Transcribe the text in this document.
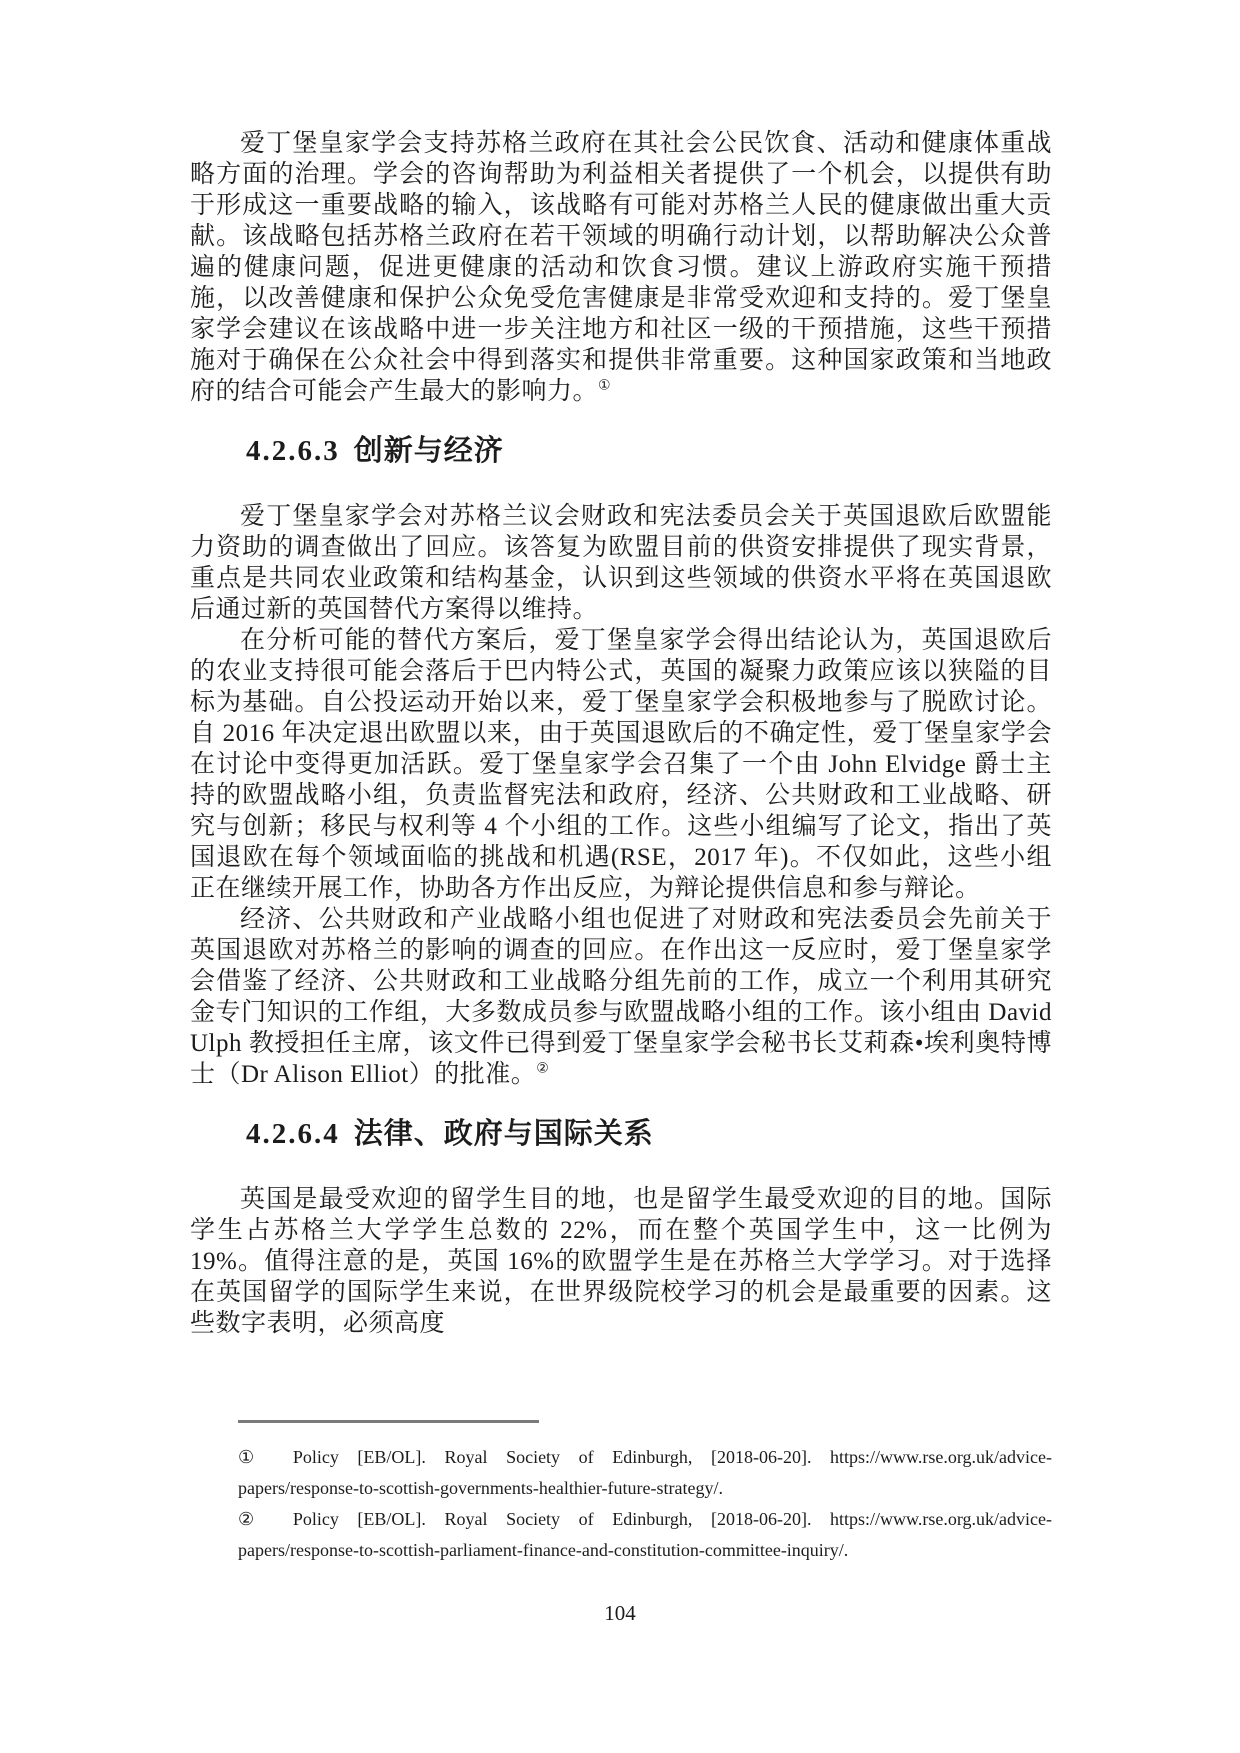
爱丁堡皇家学会支持苏格兰政府在其社会公民饮食、活动和健康体重战略方面的治理。学会的咨询帮助为利益相关者提供了一个机会，以提供有助于形成这一重要战略的输入，该战略有可能对苏格兰人民的健康做出重大贡献。该战略包括苏格兰政府在若干领域的明确行动计划，以帮助解决公众普遍的健康问题，促进更健康的活动和饮食习惯。建议上游政府实施干预措施，以改善健康和保护公众免受危害健康是非常受欢迎和支持的。爱丁堡皇家学会建议在该战略中进一步关注地方和社区一级的干预措施，这些干预措施对于确保在公众社会中得到落实和提供非常重要。这种国家政策和当地政府的结合可能会产生最大的影响力。①

4.2.6.3 创新与经济

爱丁堡皇家学会对苏格兰议会财政和宪法委员会关于英国退欧后欧盟能力资助的调查做出了回应。该答复为欧盟目前的供资安排提供了现实背景，重点是共同农业政策和结构基金，认识到这些领域的供资水平将在英国退欧后通过新的英国替代方案得以维持。

在分析可能的替代方案后，爱丁堡皇家学会得出结论认为，英国退欧后的农业支持很可能会落后于巴内特公式，英国的凝聚力政策应该以狭隘的目标为基础。自公投运动开始以来，爱丁堡皇家学会积极地参与了脱欧讨论。自 2016 年决定退出欧盟以来，由于英国退欧后的不确定性，爱丁堡皇家学会在讨论中变得更加活跃。爱丁堡皇家学会召集了一个由 John Elvidge 爵士主持的欧盟战略小组，负责监督宪法和政府，经济、公共财政和工业战略、研究与创新；移民与权利等 4 个小组的工作。这些小组编写了论文，指出了英国退欧在每个领域面临的挑战和机遇(RSE，2017 年)。不仅如此，这些小组正在继续开展工作，协助各方作出反应，为辩论提供信息和参与辩论。

经济、公共财政和产业战略小组也促进了对财政和宪法委员会先前关于英国退欧对苏格兰的影响的调查的回应。在作出这一反应时，爱丁堡皇家学会借鉴了经济、公共财政和工业战略分组先前的工作，成立一个利用其研究金专门知识的工作组，大多数成员参与欧盟战略小组的工作。该小组由 David Ulph 教授担任主席，该文件已得到爱丁堡皇家学会秘书长艾莉森•埃利奥特博士（Dr Alison Elliot）的批准。②

4.2.6.4 法律、政府与国际关系

英国是最受欢迎的留学生目的地，也是留学生最受欢迎的目的地。国际学生占苏格兰大学学生总数的 22%，而在整个英国学生中，这一比例为 19%。值得注意的是，英国 16%的欧盟学生是在苏格兰大学学习。对于选择在英国留学的国际学生来说，在世界级院校学习的机会是最重要的因素。这些数字表明，必须高度

① Policy [EB/OL]. Royal Society of Edinburgh, [2018-06-20]. https://www.rse.org.uk/advice-
papers/response-to-scottish-governments-healthier-future-strategy/.
② Policy [EB/OL]. Royal Society of Edinburgh, [2018-06-20]. https://www.rse.org.uk/advice-
papers/response-to-scottish-parliament-finance-and-constitution-committee-inquiry/.
104
